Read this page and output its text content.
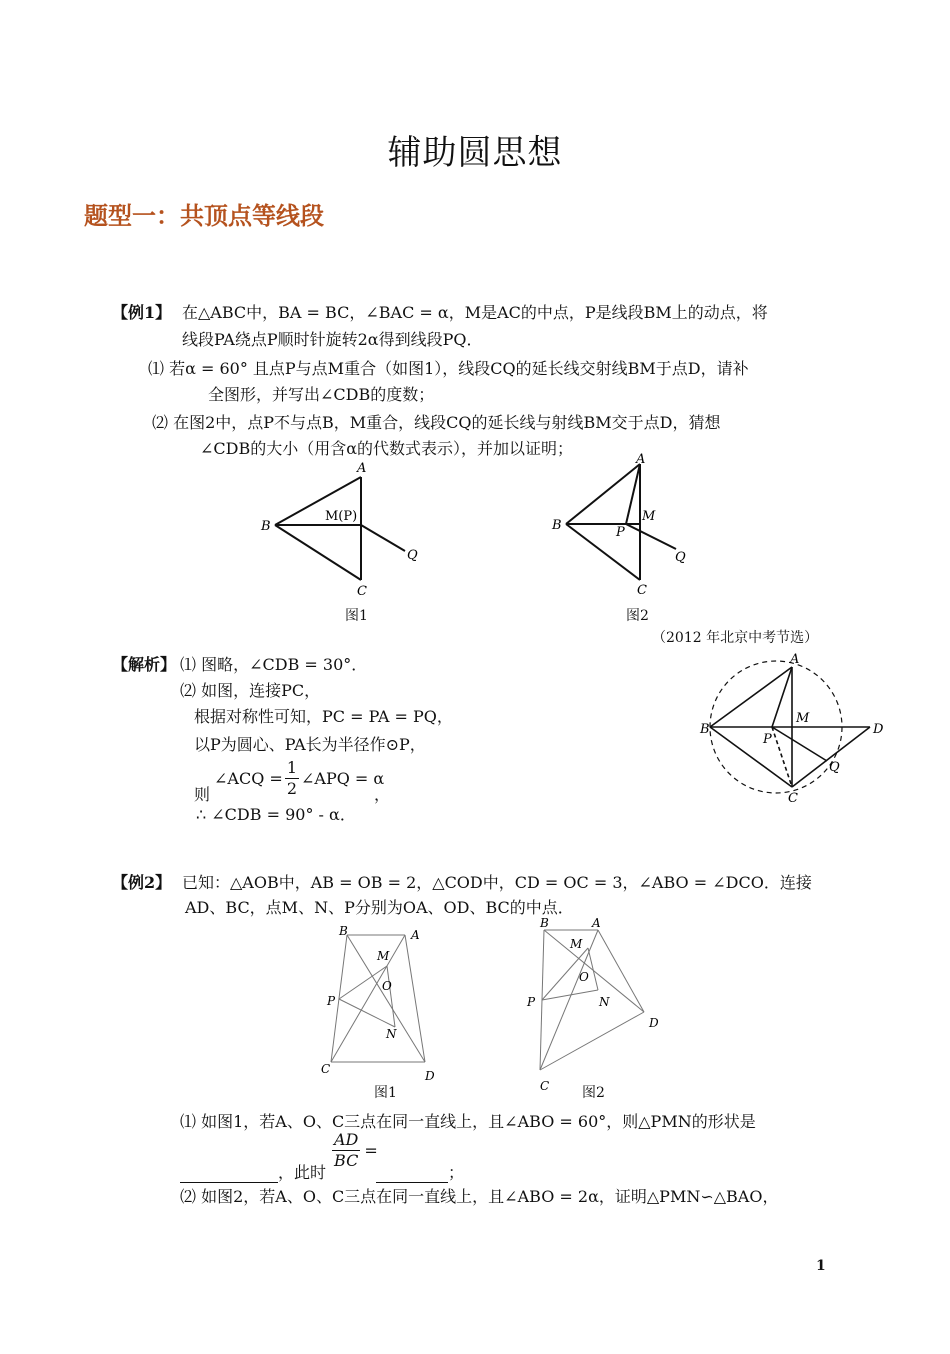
辅助圆思想
题型一：共顶点等线段
【例1】 在△ABC中，BA = BC，∠BAC = α，M是AC的中点，P是线段BM上的动点，将
线段PA绕点P顺时针旋转2α得到线段PQ．
⑴ 若α = 60° 且点P与点M重合（如图1），线段CQ的延长线交射线BM于点D，请补
全图形，并写出∠CDB的度数；
⑵ 在图2中，点P不与点B，M重合，线段CQ的延长线与射线BM交于点D，猜想
∠CDB的大小（用含α的代数式表示），并加以证明；
A
B
C
M(P)
Q
图1
A
B
C
M
P
Q
图2
（2012 年北京中考节选）
【解析】 ⑴ 图略，∠CDB = 30°．
⑵ 如图，连接PC，
根据对称性可知，PC = PA = PQ，
以P为圆心、PA长为半径作⊙P，
则
∠ACQ = $\frac{1}{2}$ ∠APQ = α
，
∴ ∠CDB = 90° - α．
A
B
C
D
M
P
Q
【例2】 已知：△AOB中，AB = OB = 2，△COD中，CD = OC = 3，∠ABO = ∠DCO．连接
AD、BC，点M、N、P分别为OA、OD、BC的中点．
B	A
M
O
P
N
C	D
图1
B	A
M
O
P	N
D
C 图2
⑴ 如图1，若A、O、C三点在同一直线上，且∠ABO = 60°，则△PMN的形状是
$\frac{AD}{BC}$ =
，此时	；
⑵ 如图2，若A、O、C三点在同一直线上，且∠ABO = 2α，证明△PMN∽△BAO，
1
